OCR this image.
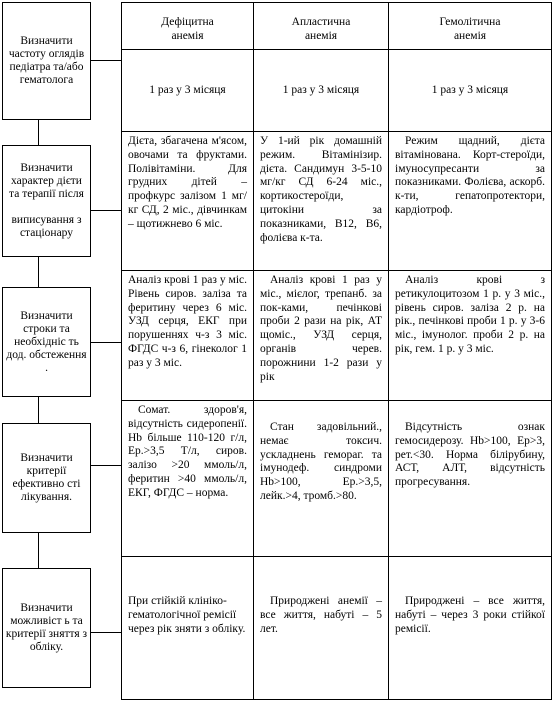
Визначити частоту оглядів педіатра та/або гематолога
Визначити характер дієти та терапії після

виписування з стаціонару
Визначити строки та необхідніс ть дод. обстеження
.
Визначити критерії ефективно сті лікування.
Визначити можливіст ь та критерії зняття з обліку.
Дефіцитна
анемія
Апластична
анемія
Гемолітична
анемія
1 раз у 3 місяця	1 раз у 3 місяця	1 раз у 3 місяця
Дієта, збагачена м'ясом, овочами та фруктами. Полівітаміни. Для грудних дітей – профкурс залізом 1 мг/кг СД, 2 міс., дівчинкам – щотижнево 6 міс.
У 1-ий рік домашній режим. Вітамінізир. дієта. Сандимун 3-5-10 мг/кг СД 6-24 міс., кортикостероїди, цитокіни за показниками, В12, В6, фолієва к-та.
Режим щадний, дієта вітамінована. Корт-стероїди, імуносупресанти за показниками. Фолієва, аскорб. к-ти, гепатопротектори, кардіотроф.
Аналіз крові 1 раз у міс. Рівень сиров. заліза та феритину через 6 міс. УЗД серця, ЕКГ при порушеннях ч-з 3 міс. ФГДС ч-з 6, гінеколог 1 раз у 3 міс.
Аналіз крові 1 раз у міс., мієлог, трепанб. за пок-ками, печінкові проби 2 рази на рік, АТ щоміс., УЗД серця, органів черев. порожнини 1-2 рази у рік
Аналіз крові з ретикулоцитозом 1 р. у 3 міс., рівень сиров. заліза 2 р. на рік., печінкові проби 1 р. у 3-6 міс., імунолог. проби 2 р. на рік, гем. 1 р. у 3 міс.
Сомат. здоров'я, відсутність сидеропенії. Hb більше 110-120 г/л, Ер.>3,5 Т/л, сиров. залізо >20 ммоль/л, феритин >40 ммоль/л, ЕКГ, ФГДС – норма.
Стан задовільний., немає токсич. ускладнень гемораг. та імунодеф. синдроми Hb>100, Ер.>3,5, лейк.>4, тромб.>80.
Відсутність ознак гемосидерозу. Hb>100, Ер>3, рет.<30. Норма білірубину, АСТ, АЛТ, відсутність прогресування.
При стійкій клініко-гематологічної ремісії через рік зняти з обліку.
Природжені анемії – все життя, набуті – 5 лет.
Природжені – все життя, набуті – через 3 роки стійкої ремісії.
